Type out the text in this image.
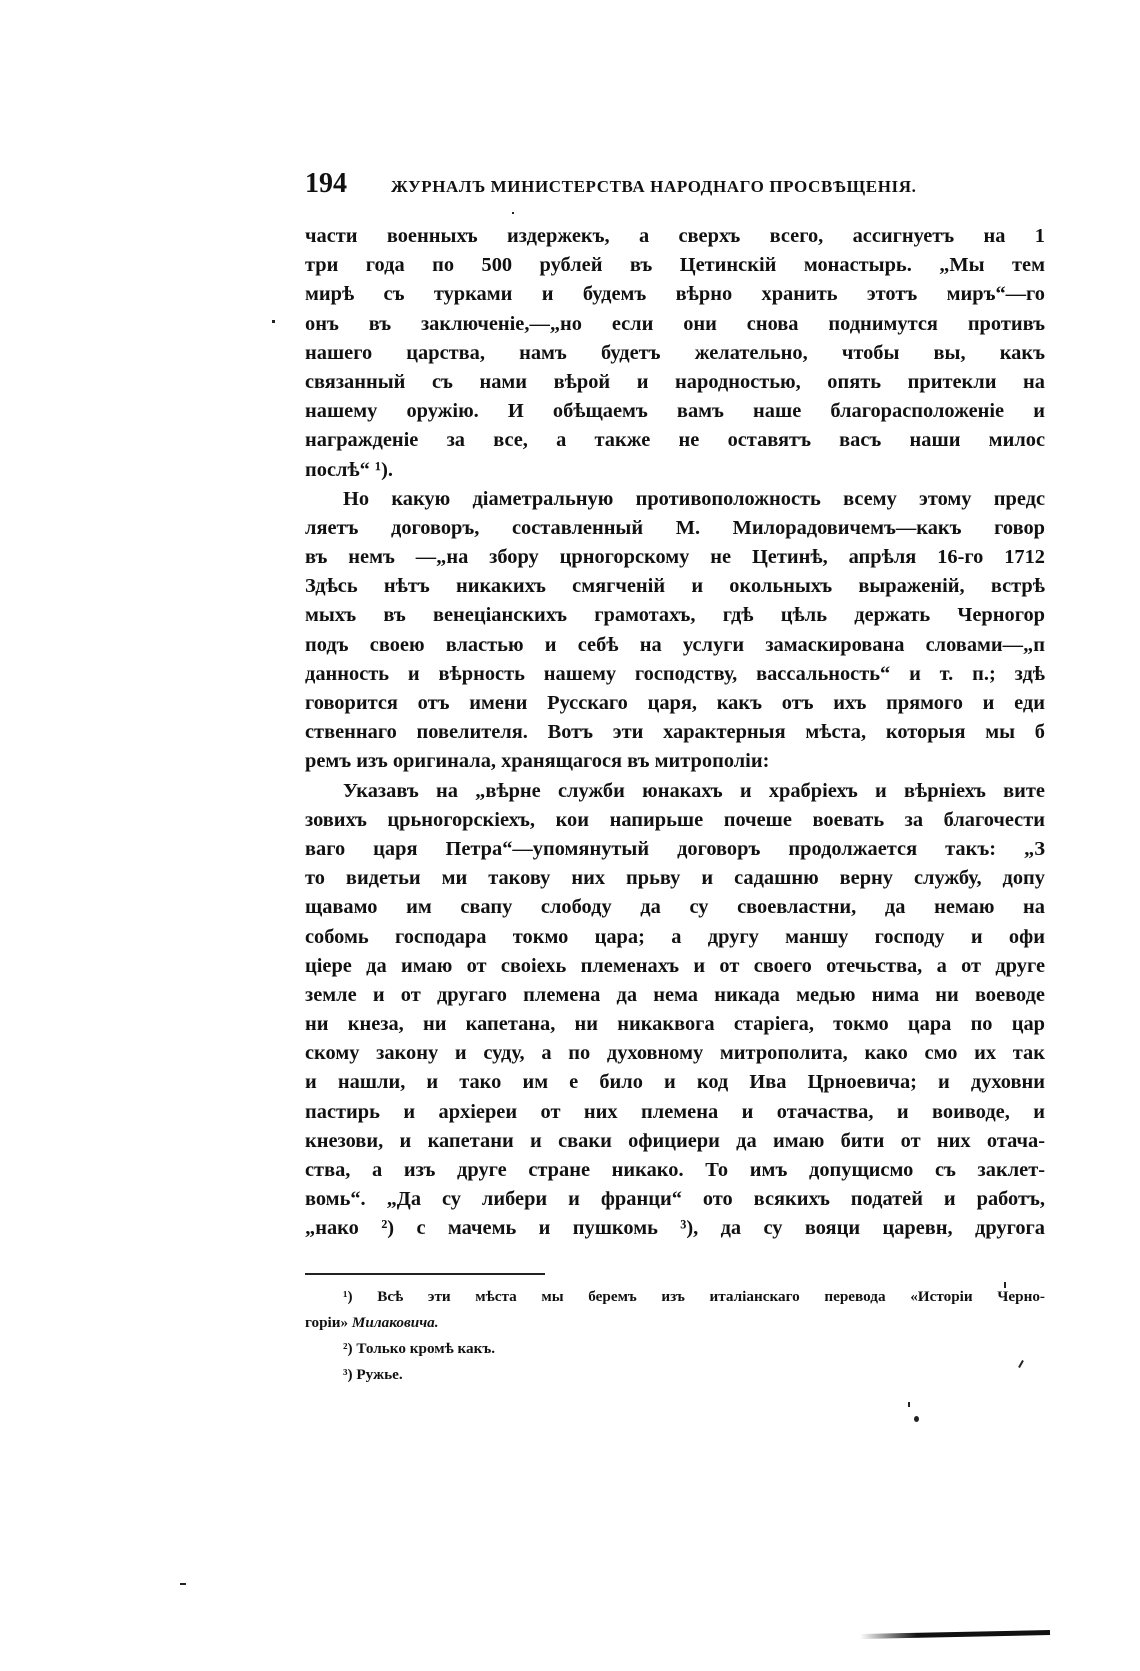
194	ЖУРНАЛЪ МИНИСТЕРСТВА НАРОДНАГО ПРОСВѢЩЕНІЯ.
части военныхъ издержекъ, а сверхъ всего, ассигнуетъ на 1
три года по 500 рублей въ Цетинскій монастырь. „Мы тем
мирѣ съ турками и будемъ вѣрно хранить этотъ миръ“—го
онъ въ заключеніе,—„но если они снова поднимутся противъ
нашего царства, намъ будетъ желательно, чтобы вы, какъ
связанный съ нами вѣрой и народностью, опять притекли на
нашему оружію. И обѣщаемъ вамъ наше благорасположеніе и
награжденіе за все, а также не оставятъ васъ наши милос
послѣ“ ¹).
Но какую діаметральную противоположность всему этому предс
ляетъ договоръ, составленный М. Милорадовичемъ—какъ говор
въ немъ —„на збору црногорскому не Цетинѣ, апрѣля 16-го 1712
Здѣсь нѣтъ никакихъ смягченій и окольныхъ выраженій, встрѣ
мыхъ въ венеціанскихъ грамотахъ, гдѣ цѣль держать Черногор
подъ своею властью и себѣ на услуги замаскирована словами—„п
данность и вѣрность нашему господству, вассальность“ и т. п.; здѣ
говорится отъ имени Русскаго царя, какъ отъ ихъ прямого и еди
ственнаго повелителя. Вотъ эти характерныя мѣста, которыя мы б
ремъ изъ оригинала, хранящагося въ митрополіи:
Указавъ на „вѣрне служби юнакахъ и храбріехъ и вѣрніехъ вите
зовихъ црьногорскіехъ, кои напирьше почеше воевать за благочести
ваго царя Петра“—упомянутый договоръ продолжается такъ: „З
то видетьи ми такову них прьву и садашню верну службу, допу
щавамо им свапу слободу да су своевластни, да немаю на
собомь господара токмо цара; а другу маншу господу и офи
ціере да имаю от своіехь племенахъ и от своего отечьства, а от друге
земле и от другаго племена да нема никада медью нима ни воеводе
ни кнеза, ни капетана, ни никаквога старіега, токмо цара по цар
скому закону и суду, а по духовному митрополита, како смо их так
и нашли, и тако им е било и код Ива Црноевича; и духовни
пастирь и архіереи от них племена и отачаства, и воиводе, и
кнезови, и капетани и сваки официери да имаю бити от них отача-
ства, а изъ друге стране никако. То имъ допущисмо съ заклет-
вомь“. „Да су либери и франци“ ото всякихъ податей и работъ,
„нако ²) с мачемь и пушкомь ³), да су вояци царевн, другога
¹) Всѣ эти мѣста мы беремъ изъ италіанскаго перевода «Исторіи Черно-
горіи» Милаковича.
²) Только кромѣ какъ.
³) Ружье.
